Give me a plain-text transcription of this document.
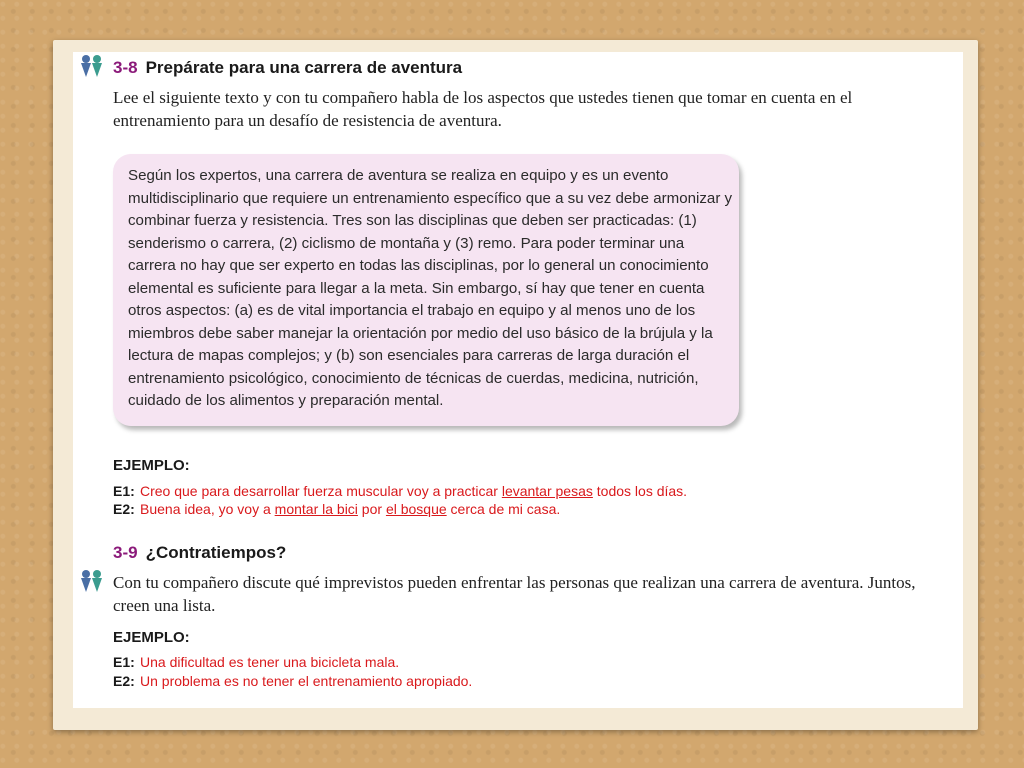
3-8 Prepárate para una carrera de aventura
Lee el siguiente texto y con tu compañero habla de los aspectos que ustedes tienen que tomar en cuenta en el entrenamiento para un desafío de resistencia de aventura.

Según los expertos, una carrera de aventura se realiza en equipo y es un evento multidisciplinario que requiere un entrenamiento específico que a su vez debe armonizar y combinar fuerza y resistencia. Tres son las disciplinas que deben ser practicadas: (1) senderismo o carrera, (2) ciclismo de montaña y (3) remo. Para poder terminar una carrera no hay que ser experto en todas las disciplinas, por lo general un conocimiento elemental es suficiente para llegar a la meta. Sin embargo, sí hay que tener en cuenta otros aspectos: (a) es de vital importancia el trabajo en equipo y al menos uno de los miembros debe saber manejar la orientación por medio del uso básico de la brújula y la lectura de mapas complejos; y (b) son esenciales para carreras de larga duración el entrenamiento psicológico, conocimiento de técnicas de cuerdas, medicina, nutrición, cuidado de los alimentos y preparación mental.

EJEMPLO:
E1: Creo que para desarrollar fuerza muscular voy a practicar levantar pesas todos los días.
E2: Buena idea, yo voy a montar la bici por el bosque cerca de mi casa.
3-9 ¿Contratiempos?
Con tu compañero discute qué imprevistos pueden enfrentar las personas que realizan una carrera de aventura. Juntos, creen una lista.
EJEMPLO:
E1: Una dificultad es tener una bicicleta mala.
E2: Un problema es no tener el entrenamiento apropiado.
